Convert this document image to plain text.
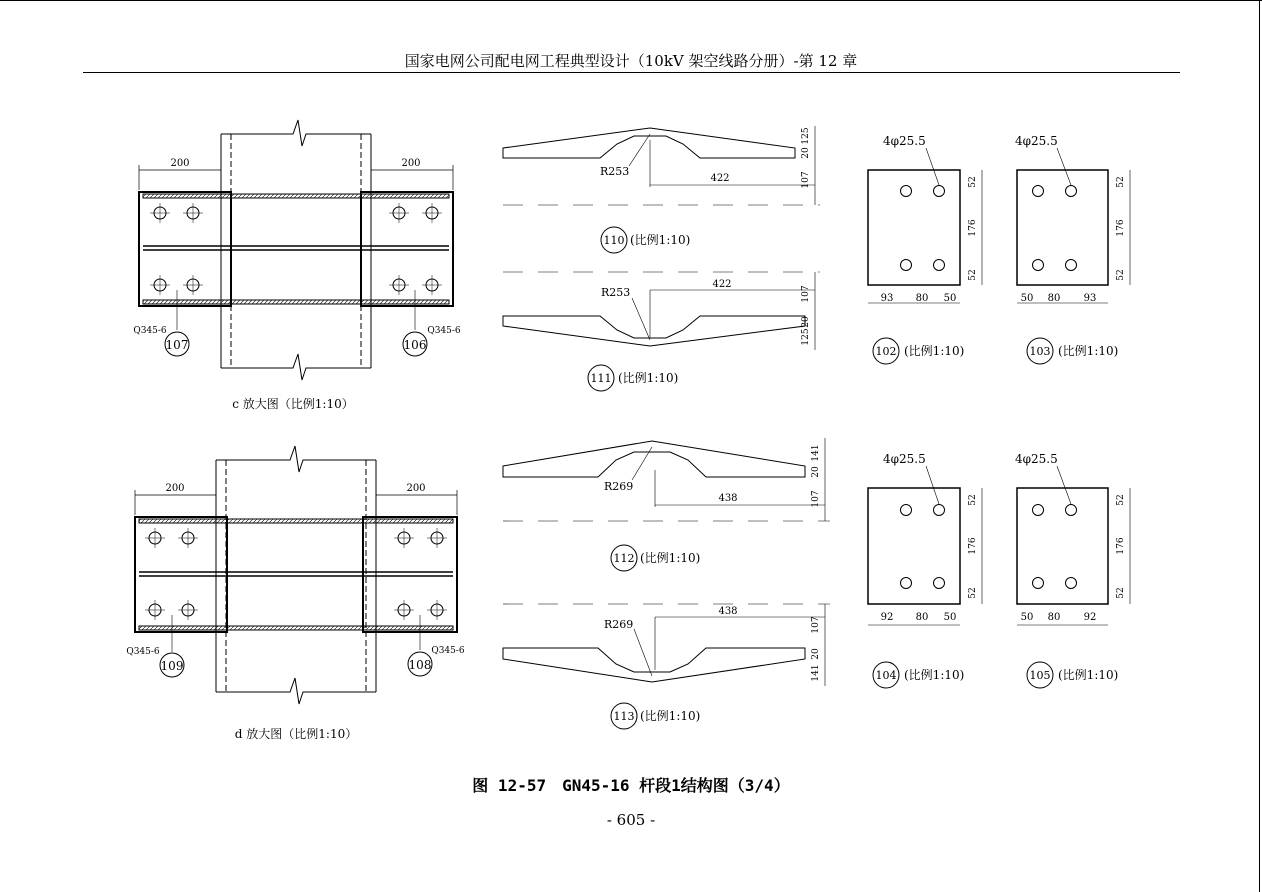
国家电网公司配电网工程典型设计（10kV 架空线路分册）-第 12 章
200	200
Q345-6	Q345-6
107	106
c 放大图（比例1:10）
200	200
Q345-6	Q345-6
109	108
d 放大图（比例1:10）
R253
422
110 (比例1:10)
125
20
107
R253
422
111 (比例1:10)
107
20
125
R269
438
112 (比例1:10)
141
20
107
R269
438
113 (比例1:10)
107
20
141
4φ25.5
52
176
52
93 80 50
102 (比例1:10)
4φ25.5
52
176
52
50 80 93
103 (比例1:10)
4φ25.5
52
176
52
92 80 50
104 (比例1:10)
4φ25.5
52
176
52
50 80 92
105 (比例1:10)
图 12-57　GN45-16 杆段1结构图（3/4）
- 605 -
